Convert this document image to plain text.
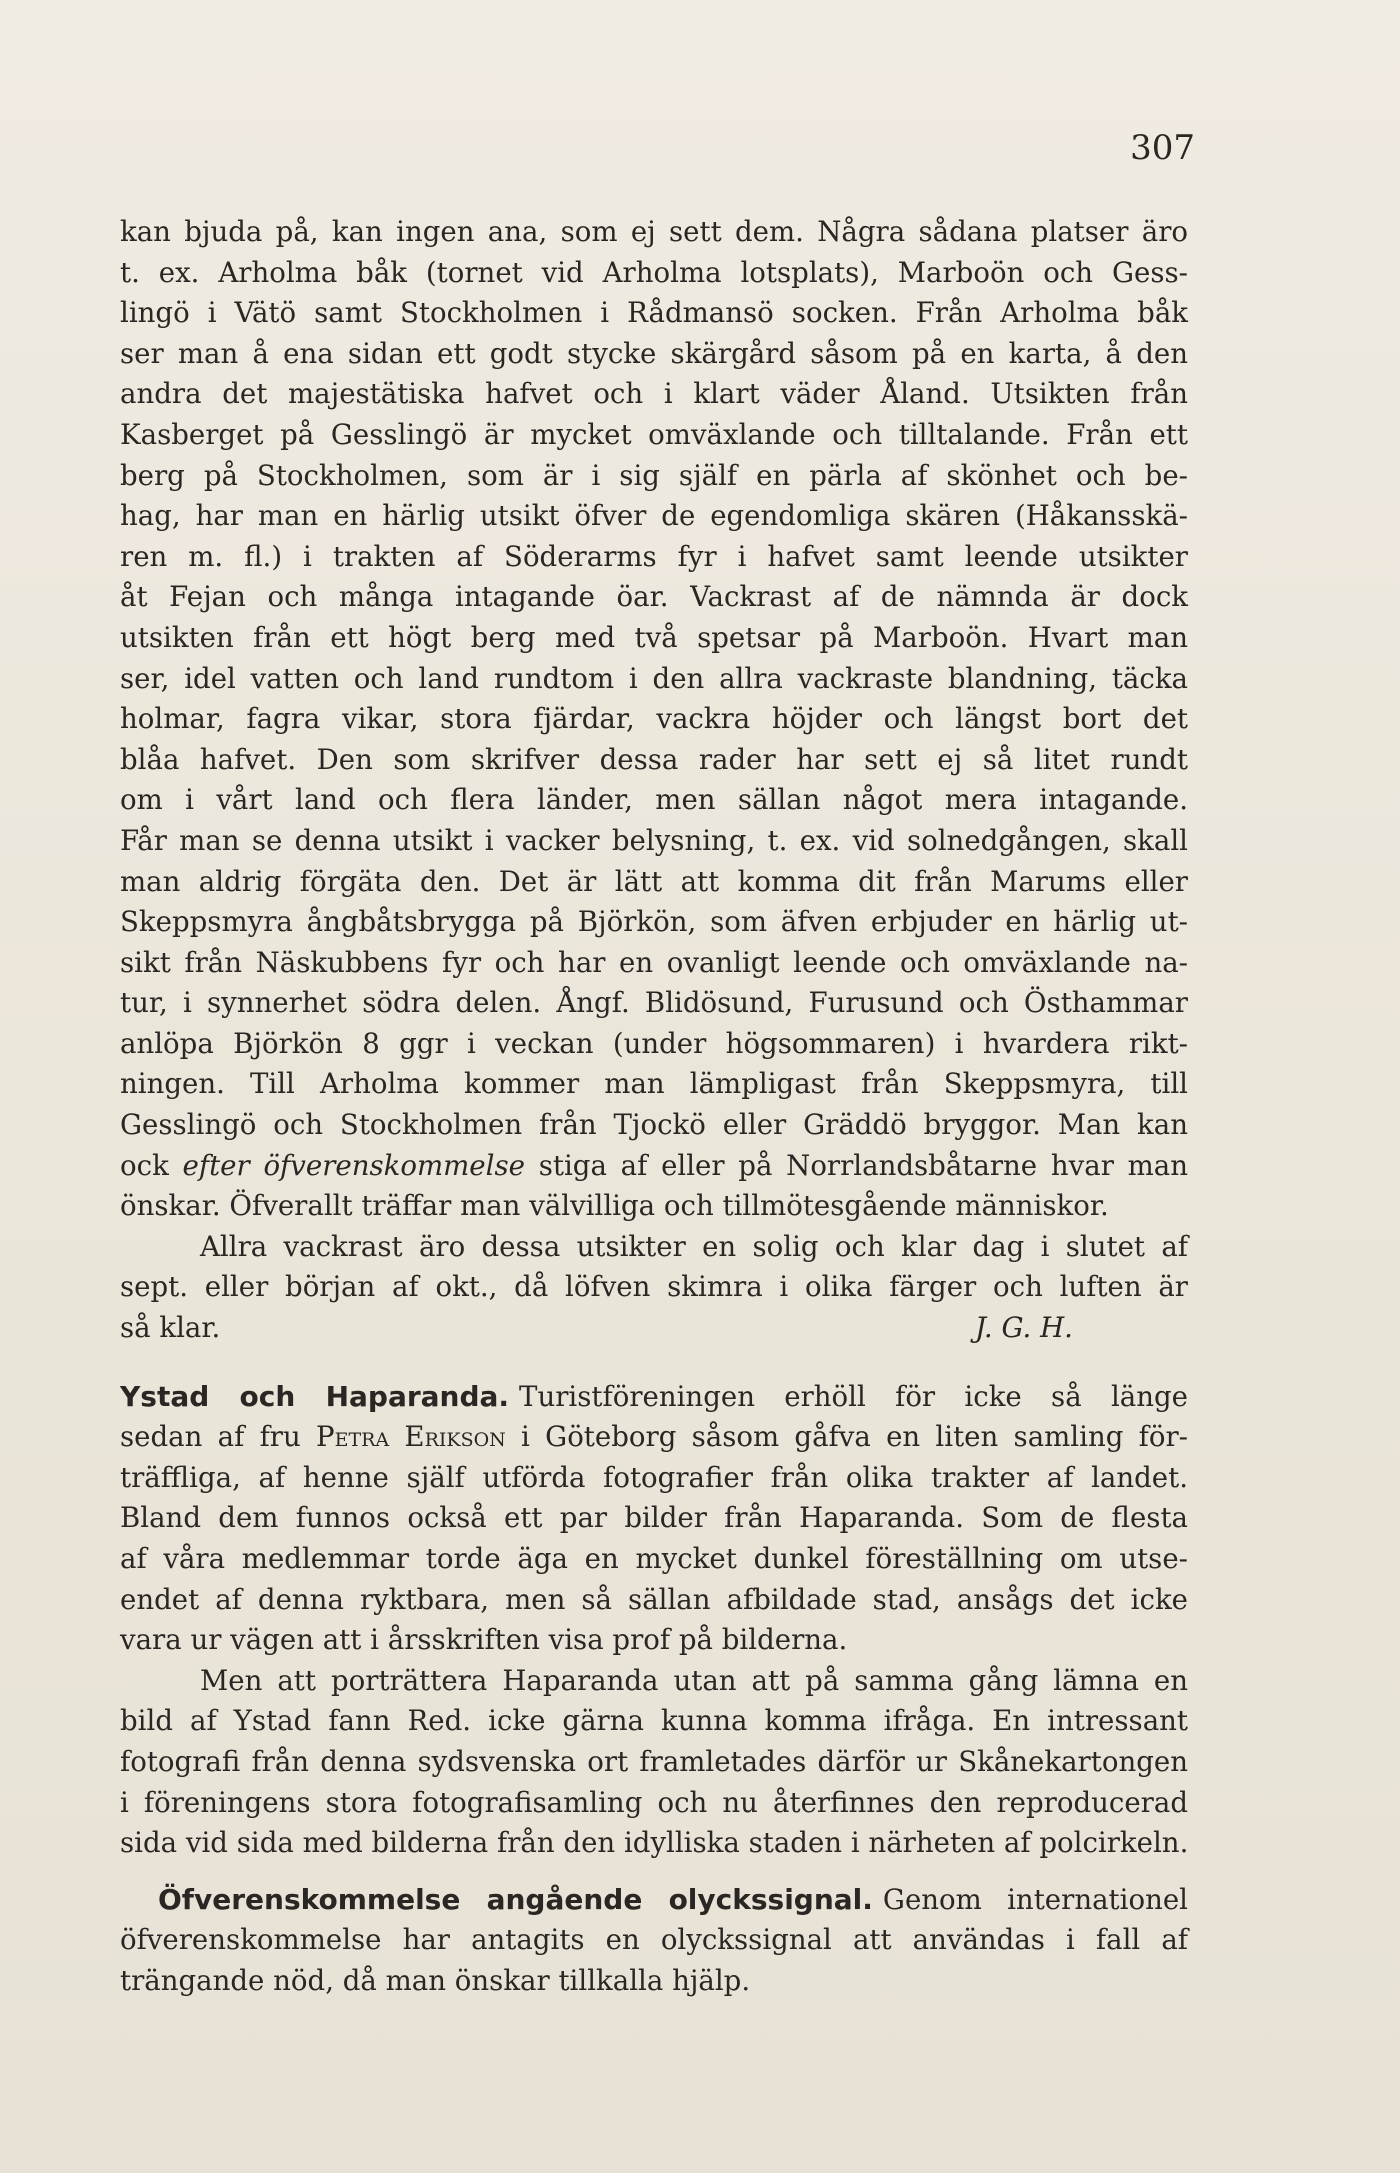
307
kan bjuda på, kan ingen ana, som ej sett dem. Några sådana platser äro
t. ex. Arholma båk (tornet vid Arholma lotsplats), Marboön och Gess-
lingö i Vätö samt Stockholmen i Rådmansö socken. Från Arholma båk
ser man å ena sidan ett godt stycke skärgård såsom på en karta, å den
andra det majestätiska hafvet och i klart väder Åland. Utsikten från
Kasberget på Gesslingö är mycket omväxlande och tilltalande. Från ett
berg på Stockholmen, som är i sig själf en pärla af skönhet och be-
hag, har man en härlig utsikt öfver de egendomliga skären (Håkansskä-
ren m. fl.) i trakten af Söderarms fyr i hafvet samt leende utsikter
åt Fejan och många intagande öar. Vackrast af de nämnda är dock
utsikten från ett högt berg med två spetsar på Marboön. Hvart man
ser, idel vatten och land rundtom i den allra vackraste blandning, täcka
holmar, fagra vikar, stora fjärdar, vackra höjder och längst bort det
blåa hafvet. Den som skrifver dessa rader har sett ej så litet rundt
om i vårt land och flera länder, men sällan något mera intagande.
Får man se denna utsikt i vacker belysning, t. ex. vid solnedgången, skall
man aldrig förgäta den. Det är lätt att komma dit från Marums eller
Skeppsmyra ångbåtsbrygga på Björkön, som äfven erbjuder en härlig ut-
sikt från Näskubbens fyr och har en ovanligt leende och omväxlande na-
tur, i synnerhet södra delen. Ångf. Blidösund, Furusund och Östhammar
anlöpa Björkön 8 ggr i veckan (under högsommaren) i hvardera rikt-
ningen. Till Arholma kommer man lämpligast från Skeppsmyra, till
Gesslingö och Stockholmen från Tjockö eller Gräddö bryggor. Man kan
ock efter öfverenskommelse stiga af eller på Norrlandsbåtarne hvar man
önskar. Öfverallt träffar man välvilliga och tillmötesgående människor.
Allra vackrast äro dessa utsikter en solig och klar dag i slutet af
sept. eller början af okt., då löfven skimra i olika färger och luften är
så klar.	J. G. H.
Ystad och Haparanda. Turistföreningen erhöll för icke så länge
sedan af fru Petra Erikson i Göteborg såsom gåfva en liten samling för-
träffliga, af henne själf utförda fotografier från olika trakter af landet.
Bland dem funnos också ett par bilder från Haparanda. Som de flesta
af våra medlemmar torde äga en mycket dunkel föreställning om utse-
endet af denna ryktbara, men så sällan afbildade stad, ansågs det icke
vara ur vägen att i årsskriften visa prof på bilderna.
Men att porträttera Haparanda utan att på samma gång lämna en
bild af Ystad fann Red. icke gärna kunna komma ifråga. En intressant
fotografi från denna sydsvenska ort framletades därför ur Skånekartongen
i föreningens stora fotografisamling och nu återfinnes den reproducerad
sida vid sida med bilderna från den idylliska staden i närheten af polcirkeln.
Öfverenskommelse angående olyckssignal. Genom internationel
öfverenskommelse har antagits en olyckssignal att användas i fall af
trängande nöd, då man önskar tillkalla hjälp.
